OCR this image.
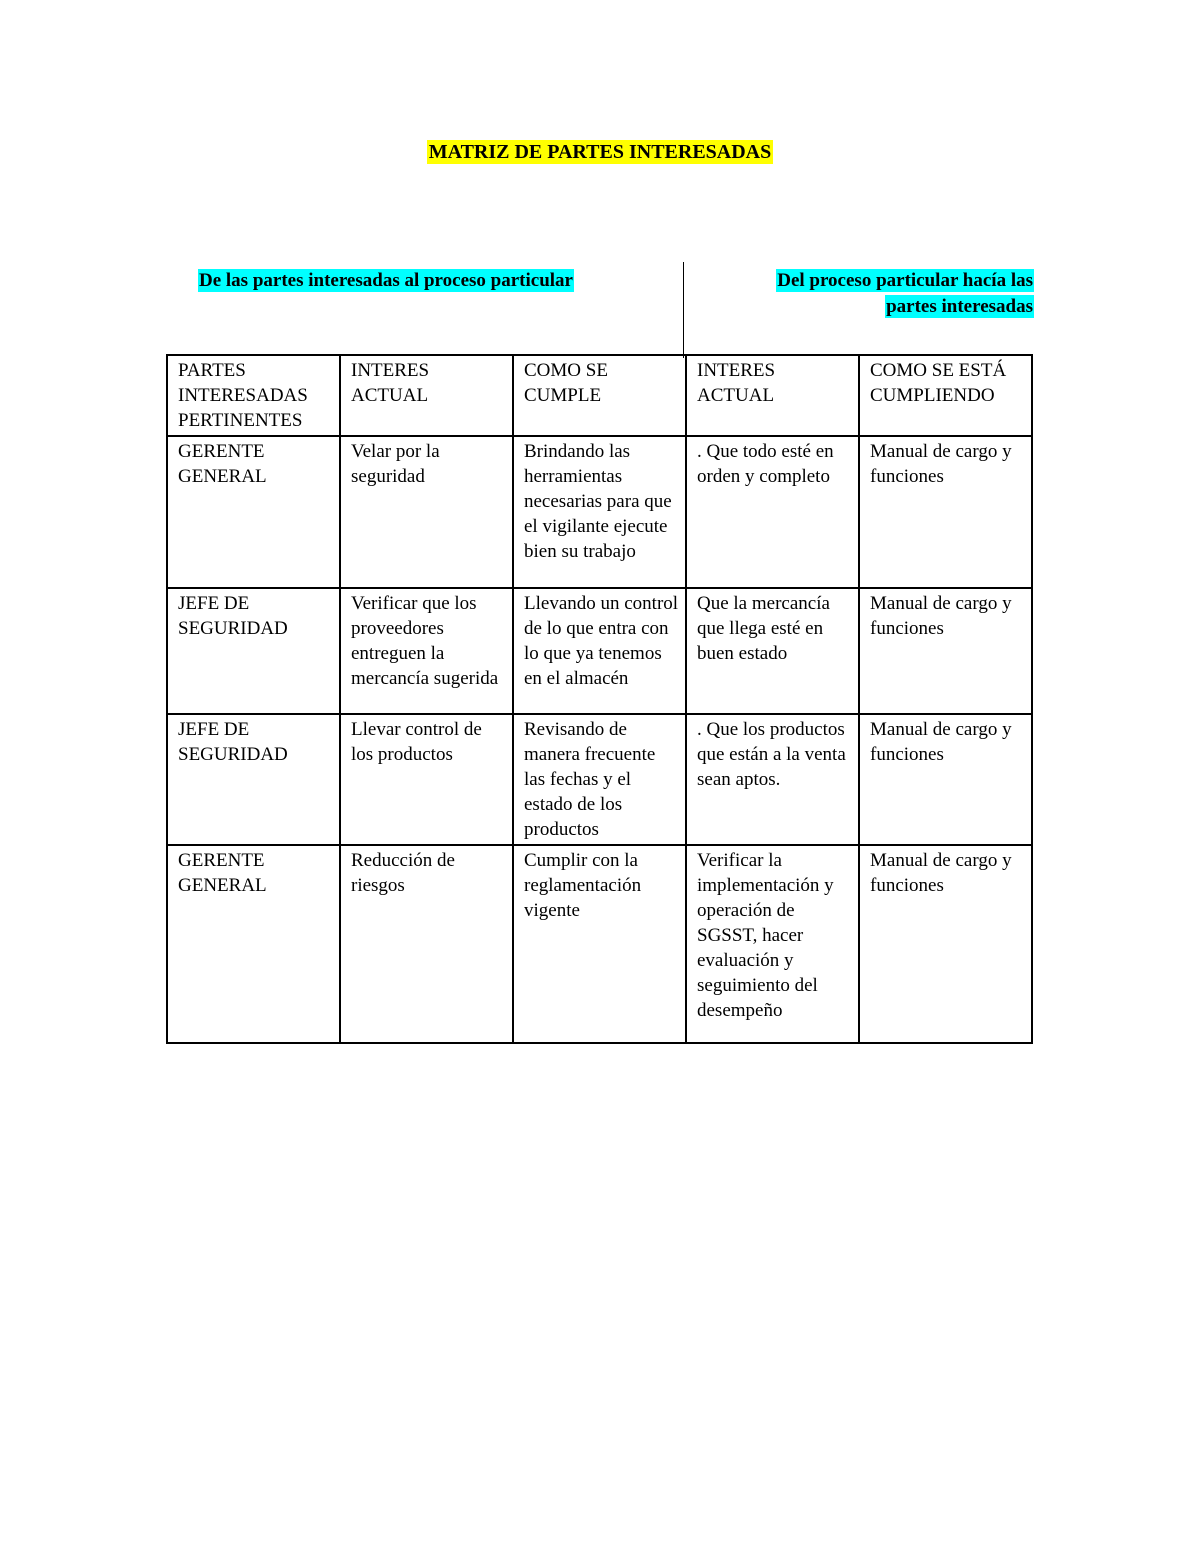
MATRIZ DE PARTES INTERESADAS
De las partes interesadas al proceso particular	Del proceso particular hacía las
partes interesadas
PARTES INTERESADAS PERTINENTES	INTERES ACTUAL	COMO SE CUMPLE	INTERES ACTUAL	COMO SE ESTÁ CUMPLIENDO
GERENTE GENERAL	Velar por la seguridad	Brindando las herramientas necesarias para que el vigilante ejecute bien su trabajo	. Que todo esté en orden y completo	Manual de cargo y funciones
JEFE DE SEGURIDAD	Verificar que los proveedores entreguen la mercancía sugerida	Llevando un control de lo que entra con lo que ya tenemos en el almacén	Que la mercancía que llega esté en buen estado	Manual de cargo y funciones
JEFE DE SEGURIDAD	Llevar control de los productos	Revisando de manera frecuente las fechas y el estado de los productos	. Que los productos que están a la venta sean aptos.	Manual de cargo y funciones
GERENTE GENERAL	Reducción de riesgos	Cumplir con la reglamentación vigente	Verificar la implementación y operación de SGSST, hacer evaluación y seguimiento del desempeño	Manual de cargo y funciones
